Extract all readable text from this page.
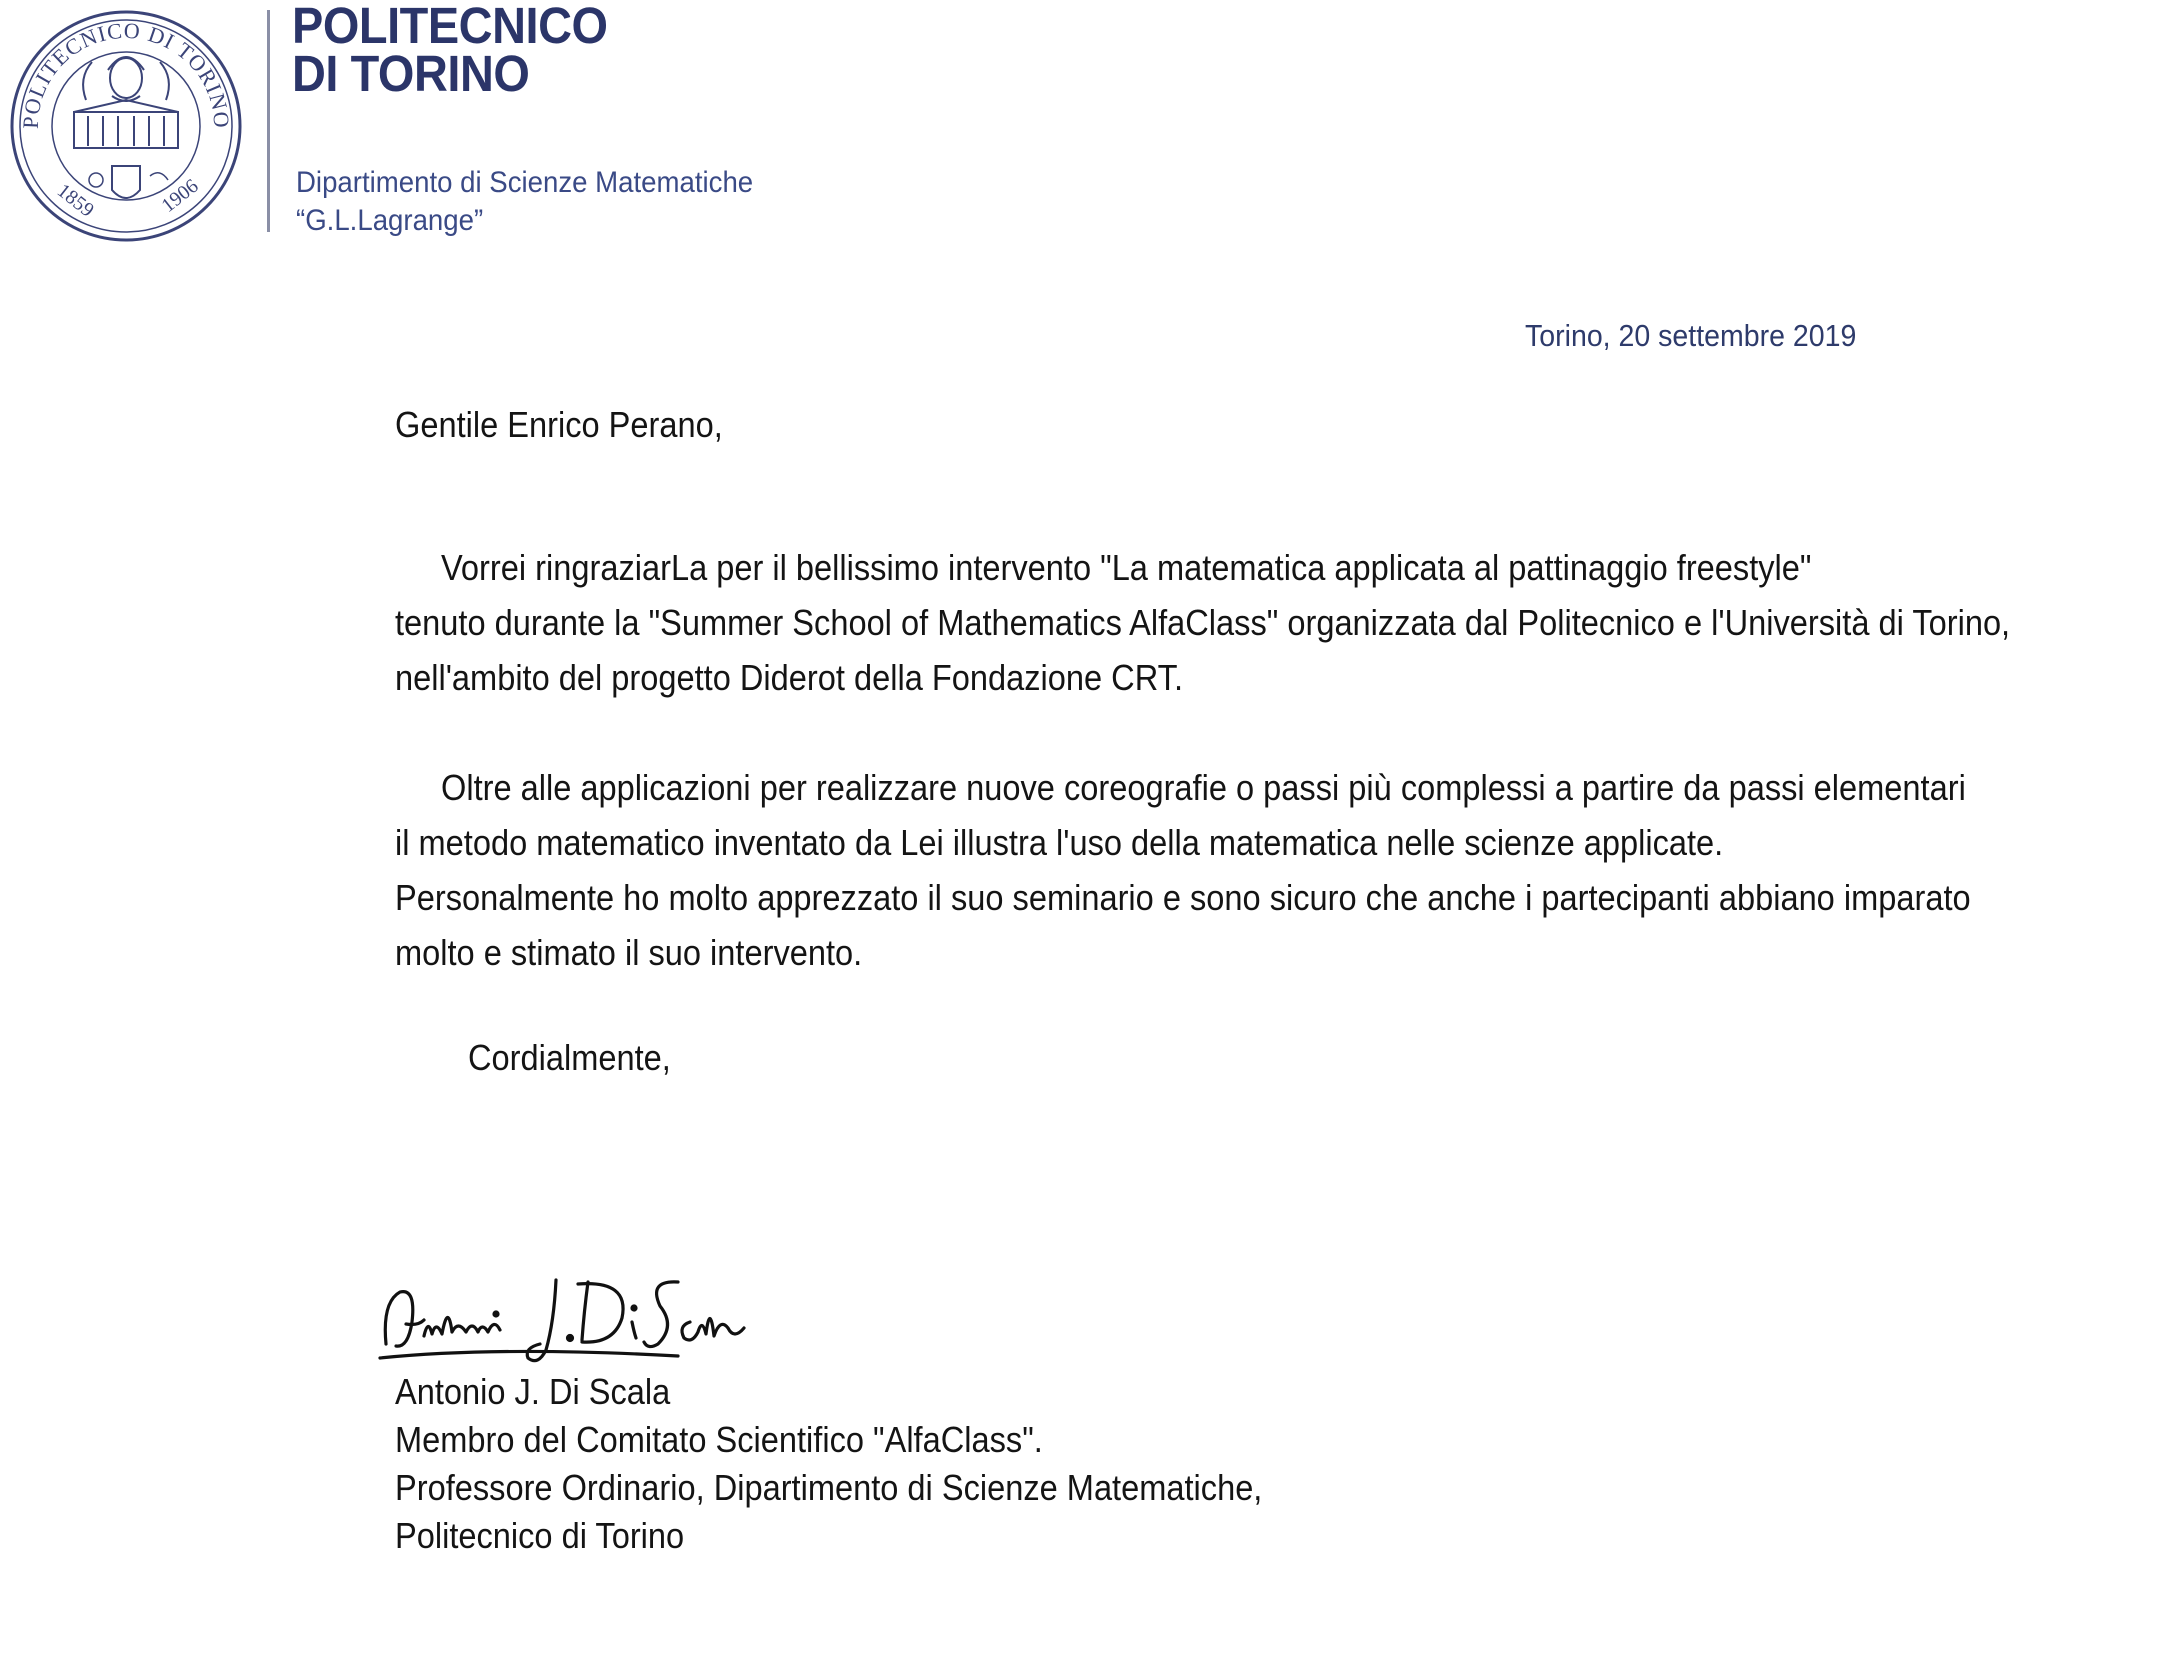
POLITECNICO DI TORINO
1859	1906
POLITECNICO
DI TORINO
Dipartimento di Scienze Matematiche
“G.L.Lagrange”
Torino, 20 settembre 2019
Gentile Enrico Perano,
Vorrei ringraziarLa per il bellissimo intervento "La matematica applicata al pattinaggio freestyle"
tenuto durante la "Summer School of Mathematics AlfaClass" organizzata dal Politecnico e l'Università di Torino,
nell'ambito del progetto Diderot della Fondazione CRT.
Oltre alle applicazioni per realizzare nuove coreografie o passi più complessi a partire da passi elementari
il metodo matematico inventato da Lei illustra l'uso della matematica nelle scienze applicate.
Personalmente ho molto apprezzato il suo seminario e sono sicuro che anche i partecipanti abbiano imparato
molto e stimato il suo intervento.
Cordialmente,
Antonio J. Di Scala
Membro del Comitato Scientifico "AlfaClass".
Professore Ordinario, Dipartimento di Scienze Matematiche,
Politecnico di Torino
